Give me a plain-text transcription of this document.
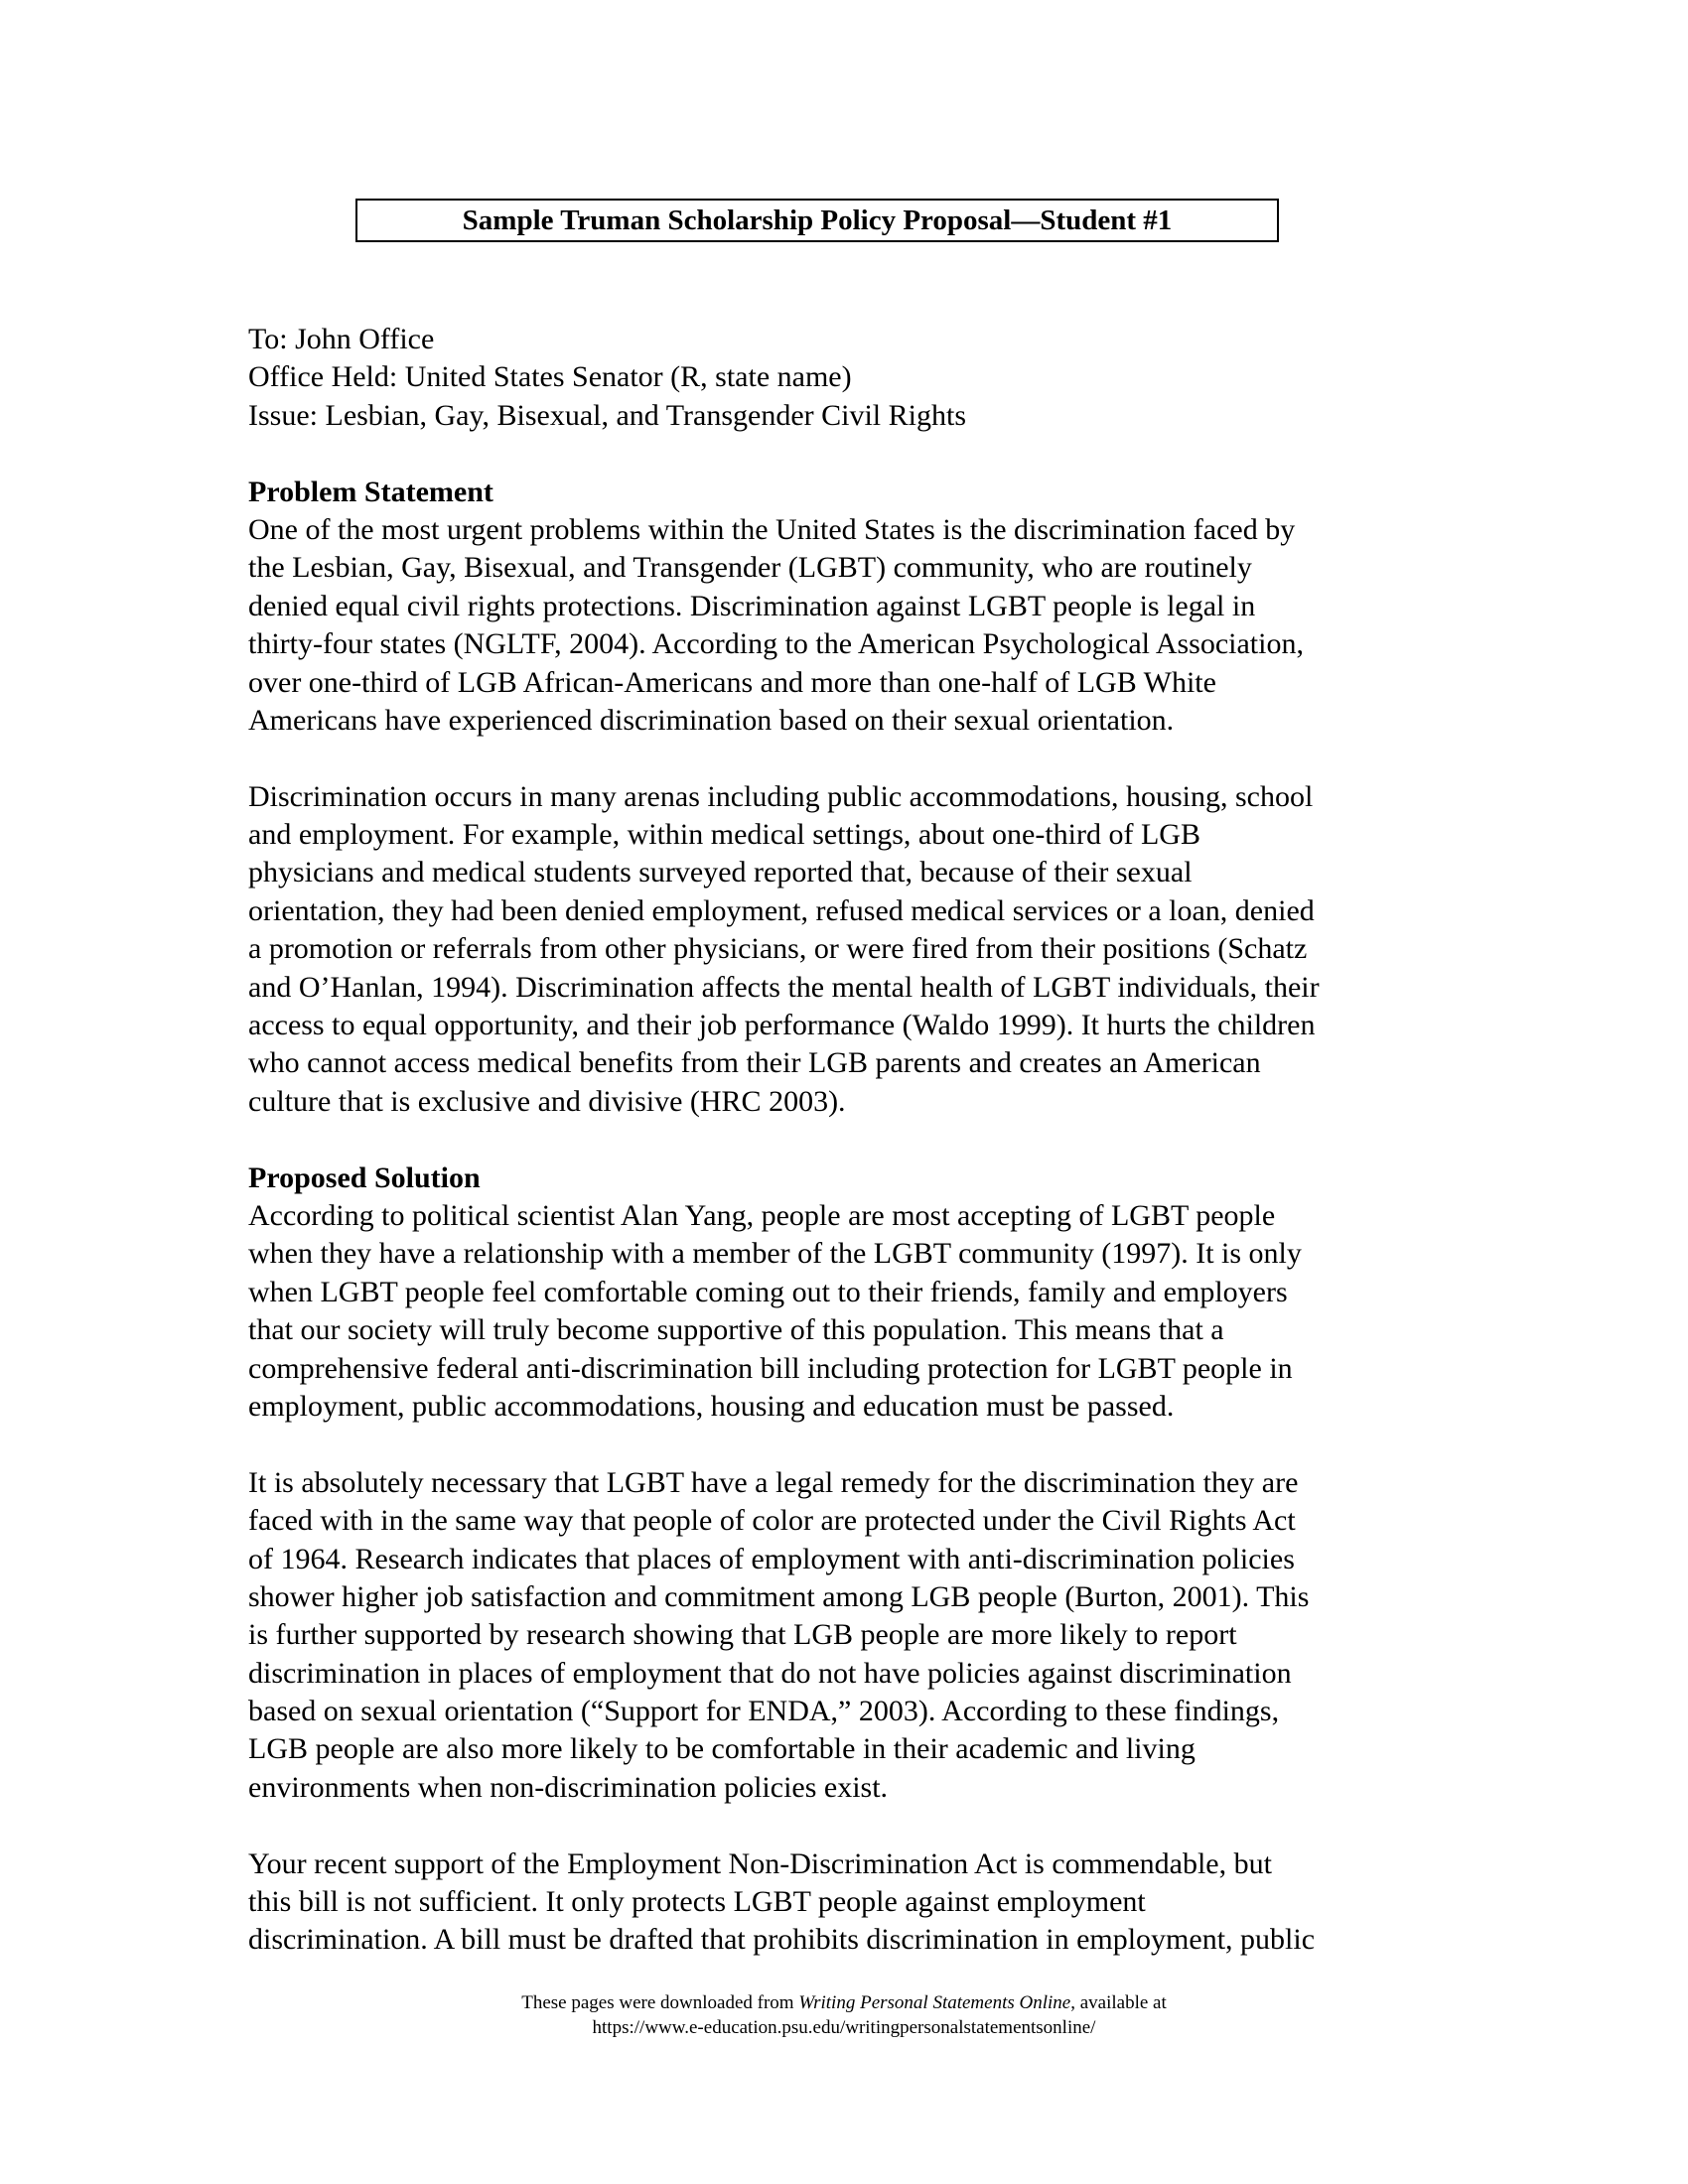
Sample Truman Scholarship Policy Proposal—Student #1
To: John Office
Office Held: United States Senator (R, state name)
Issue: Lesbian, Gay, Bisexual, and Transgender Civil Rights
Problem Statement
One of the most urgent problems within the United States is the discrimination faced by
the Lesbian, Gay, Bisexual, and Transgender (LGBT) community, who are routinely
denied equal civil rights protections. Discrimination against LGBT people is legal in
thirty-four states (NGLTF, 2004). According to the American Psychological Association,
over one-third of LGB African-Americans and more than one-half of LGB White
Americans have experienced discrimination based on their sexual orientation.
Discrimination occurs in many arenas including public accommodations, housing, school
and employment. For example, within medical settings, about one-third of LGB
physicians and medical students surveyed reported that, because of their sexual
orientation, they had been denied employment, refused medical services or a loan, denied
a promotion or referrals from other physicians, or were fired from their positions (Schatz
and O’Hanlan, 1994). Discrimination affects the mental health of LGBT individuals, their
access to equal opportunity, and their job performance (Waldo 1999). It hurts the children
who cannot access medical benefits from their LGB parents and creates an American
culture that is exclusive and divisive (HRC 2003).
Proposed Solution
According to political scientist Alan Yang, people are most accepting of LGBT people
when they have a relationship with a member of the LGBT community (1997). It is only
when LGBT people feel comfortable coming out to their friends, family and employers
that our society will truly become supportive of this population. This means that a
comprehensive federal anti-discrimination bill including protection for LGBT people in
employment, public accommodations, housing and education must be passed.
It is absolutely necessary that LGBT have a legal remedy for the discrimination they are
faced with in the same way that people of color are protected under the Civil Rights Act
of 1964. Research indicates that places of employment with anti-discrimination policies
shower higher job satisfaction and commitment among LGB people (Burton, 2001). This
is further supported by research showing that LGB people are more likely to report
discrimination in places of employment that do not have policies against discrimination
based on sexual orientation (“Support for ENDA,” 2003). According to these findings,
LGB people are also more likely to be comfortable in their academic and living
environments when non-discrimination policies exist.
Your recent support of the Employment Non-Discrimination Act is commendable, but
this bill is not sufficient. It only protects LGBT people against employment
discrimination. A bill must be drafted that prohibits discrimination in employment, public
These pages were downloaded from Writing Personal Statements Online, available at
https://www.e-education.psu.edu/writingpersonalstatementsonline/
